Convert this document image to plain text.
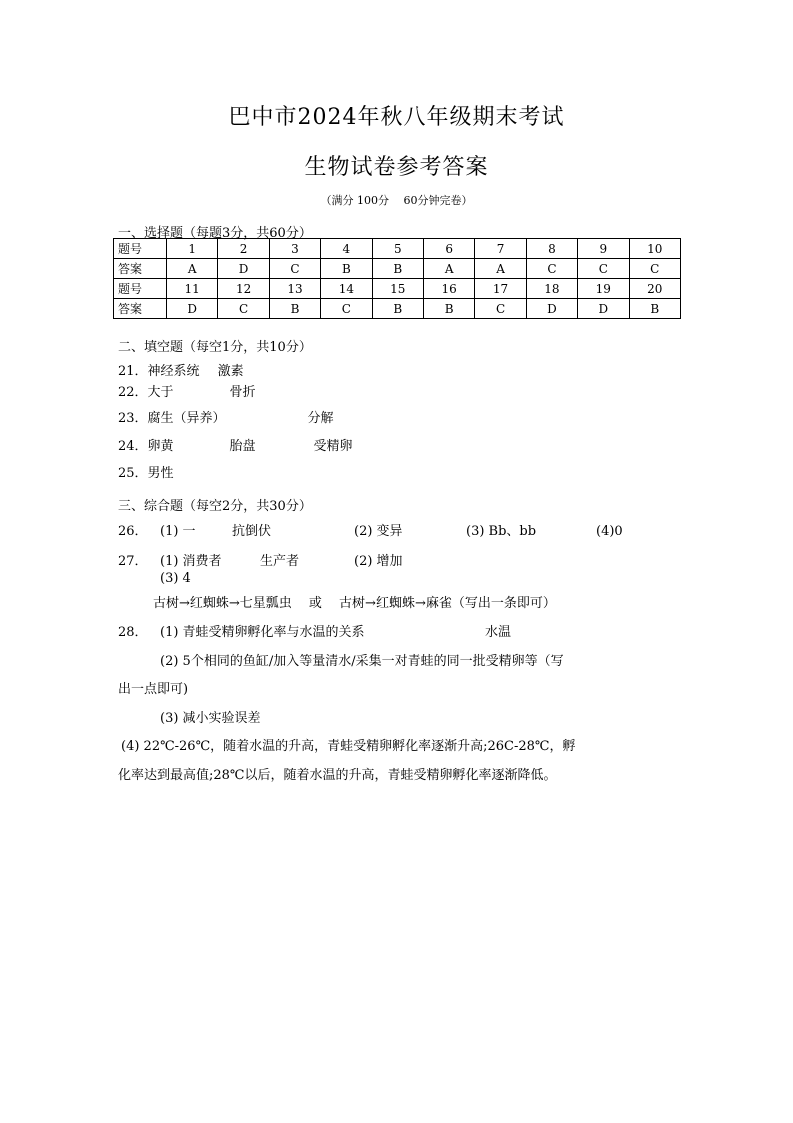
巴中市2024年秋八年级期末考试
生物试卷参考答案
（满分 100分　 60分钟完卷）
一、选择题（每题3分，共60分）
题号	1	2	3	4	5	6	7	8	9	10
答案	A	D	C	B	B	A	A	C	C	C
题号	11	12	13	14	15	16	17	18	19	20
答案	D	C	B	C	B	B	C	D	D	B
二、填空题（每空1分，共10分）
21．神经系统 激素
22．大于	骨折
23．腐生（异养）	分解
24．卵黄	胎盘	受精卵
25．男性
三、综合题（每空2分，共30分）
26． (1) 一	抗倒伏	(2) 变异	(3) Bb、bb	(4)0
27． (1) 消费者	生产者	(2) 增加
(3) 4
古树→红蜘蛛→七星瓢虫　 或　 古树→红蜘蛛→麻雀（写出一条即可）
28． (1) 青蛙受精卵孵化率与水温的关系	水温
(2) 5个相同的鱼缸/加入等量清水/采集一对青蛙的同一批受精卵等（写
出一点即可)
(3) 减小实验误差
(4) 22℃-26℃，随着水温的升高，青蛙受精卵孵化率逐渐升高;26C-28℃，孵
化率达到最高值;28℃以后，随着水温的升高，青蛙受精卵孵化率逐渐降低。
